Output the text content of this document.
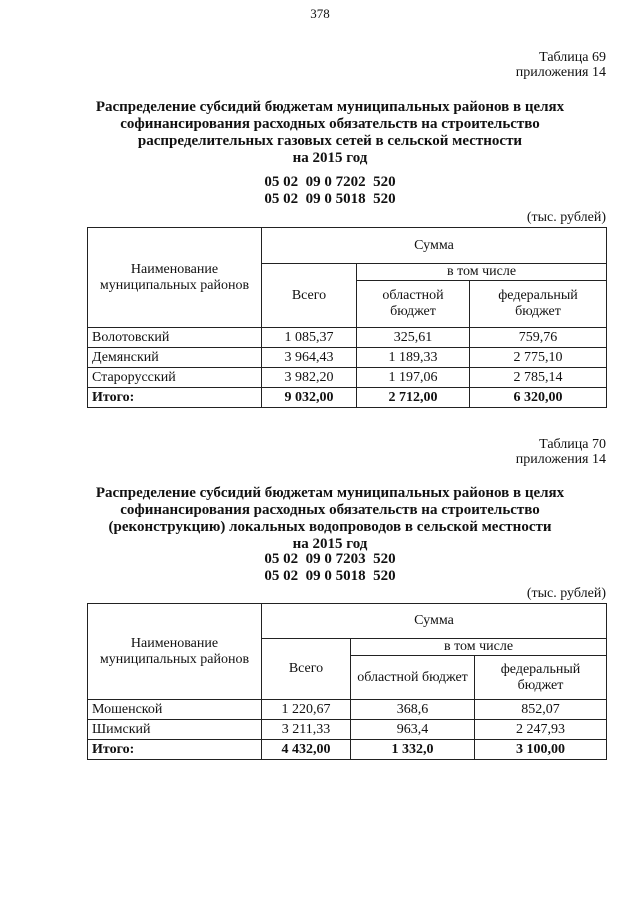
378
Таблица 69
приложения 14
Распределение субсидий бюджетам муниципальных районов в целях
софинансирования расходных обязательств на строительство
распределительных газовых сетей в сельской местности
на 2015 год
05 02  09 0 7202  520
05 02  09 0 5018  520
(тыс. рублей)
Наименование муниципальных районов	Сумма		
	Всего	в том числе	
		областной бюджет	федеральный бюджет
Волотовский	1 085,37	325,61	759,76
Демянский	3 964,43	1 189,33	2 775,10
Старорусский	3 982,20	1 197,06	2 785,14
Итого:	9 032,00	2 712,00	6 320,00
Таблица 70
приложения 14
Распределение субсидий бюджетам муниципальных районов в целях
софинансирования расходных обязательств на строительство
(реконструкцию) локальных водопроводов в сельской местности
на 2015 год
05 02  09 0 7203  520
05 02  09 0 5018  520
(тыс. рублей)
Наименование муниципальных районов	Сумма		
	Всего	в том числе	
		областной бюджет	федеральный бюджет
Мошенской	1 220,67	368,6	852,07
Шимский	3 211,33	963,4	2 247,93
Итого:	4 432,00	1 332,0	3 100,00
